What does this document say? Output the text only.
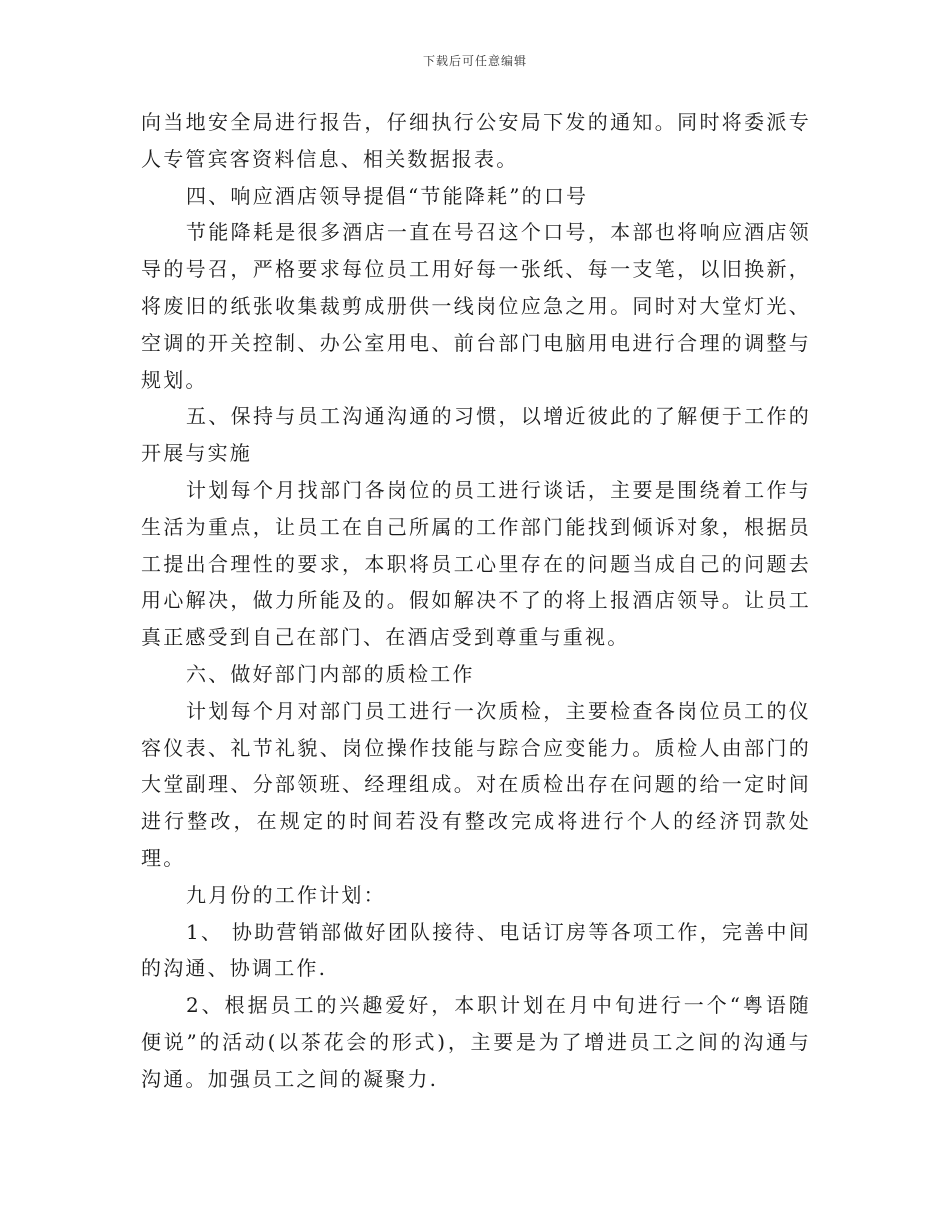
下载后可任意编辑

向当地安全局进行报告，仔细执行公安局下发的通知。同时将委派专人专管宾客资料信息、相关数据报表。

四、响应酒店领导提倡“节能降耗”的口号

节能降耗是很多酒店一直在号召这个口号，本部也将响应酒店领导的号召，严格要求每位员工用好每一张纸、每一支笔，以旧换新，将废旧的纸张收集裁剪成册供一线岗位应急之用。同时对大堂灯光、空调的开关控制、办公室用电、前台部门电脑用电进行合理的调整与规划。

五、保持与员工沟通沟通的习惯，以增近彼此的了解便于工作的开展与实施

计划每个月找部门各岗位的员工进行谈话，主要是围绕着工作与生活为重点，让员工在自己所属的工作部门能找到倾诉对象，根据员工提出合理性的要求，本职将员工心里存在的问题当成自己的问题去用心解决，做力所能及的。假如解决不了的将上报酒店领导。让员工真正感受到自己在部门、在酒店受到尊重与重视。

六、做好部门内部的质检工作

计划每个月对部门员工进行一次质检，主要检查各岗位员工的仪容仪表、礼节礼貌、岗位操作技能与踪合应变能力。质检人由部门的大堂副理、分部领班、经理组成。对在质检出存在问题的给一定时间进行整改，在规定的时间若没有整改完成将进行个人的经济罚款处理。

九月份的工作计划：

1、 协助营销部做好团队接待、电话订房等各项工作，完善中间的沟通、协调工作.

2、根据员工的兴趣爱好，本职计划在月中旬进行一个“粤语随便说”的活动(以茶花会的形式)，主要是为了增进员工之间的沟通与沟通。加强员工之间的凝聚力.
